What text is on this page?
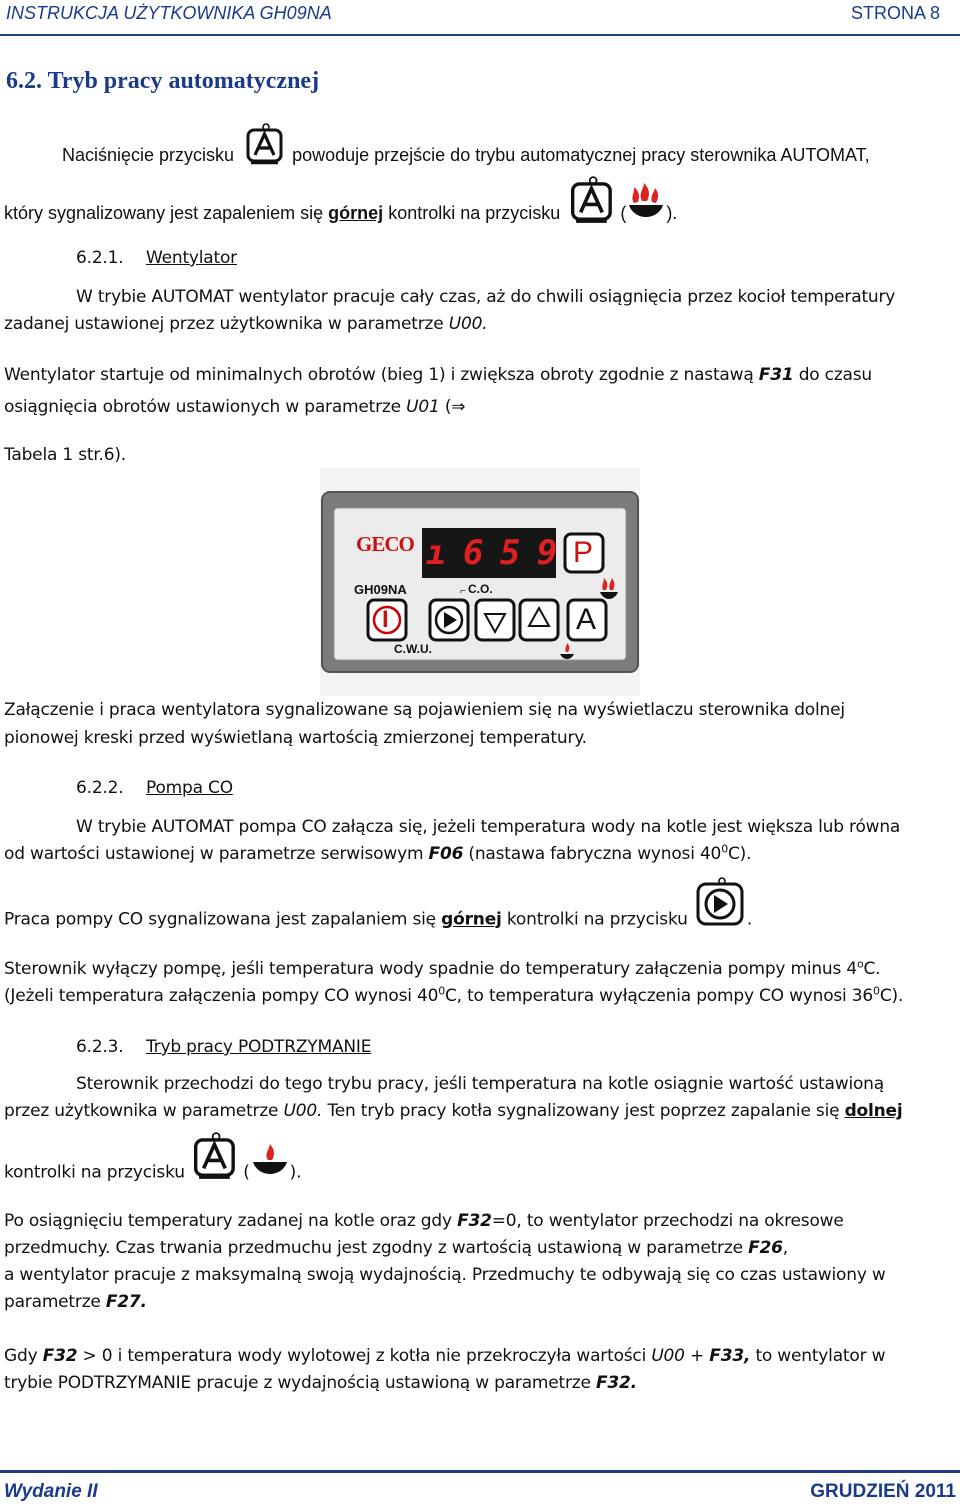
INSTRUKCJA UŻYTKOWNIKA GH09NA	STRONA 8
6.2. Tryb pracy automatycznej
Naciśnięcie przycisku	powoduje przejście do trybu automatycznej pracy sterownika AUTOMAT,
który sygnalizowany jest zapaleniem się górnej kontrolki na przycisku	( ).
6.2.1. Wentylator
W trybie AUTOMAT wentylator pracuje cały czas, aż do chwili osiągnięcia przez kocioł temperatury
zadanej ustawionej przez użytkownika w parametrze U00.
Wentylator startuje od minimalnych obrotów (bieg 1) i zwiększa obroty zgodnie z nastawą F31 do czasu
osiągnięcia obrotów ustawionych w parametrze U01 (⇒
Tabela 1 str.6).
⌐
GECO ı 6 5 9 P
GH09NA	C.O.
I	A
C.W.U.
Załączenie i praca wentylatora sygnalizowane są pojawieniem się na wyświetlaczu sterownika dolnej
pionowej kreski przed wyświetlaną wartością zmierzonej temperatury.
6.2.2. Pompa CO
W trybie AUTOMAT pompa CO załącza się, jeżeli temperatura wody na kotle jest większa lub równa
od wartości ustawionej w parametrze serwisowym F06 (nastawa fabryczna wynosi $40^0C$).
Praca pompy CO sygnalizowana jest zapalaniem się górnej kontrolki na przycisku	.
Sterownik wyłączy pompę, jeśli temperatura wody spadnie do temperatury załączenia pompy minus 4$^o$C.
(Jeżeli temperatura załączenia pompy CO wynosi $40^0C$, to temperatura wyłączenia pompy CO wynosi $36^0C$).
6.2.3. Tryb pracy PODTRZYMANIE
Sterownik przechodzi do tego trybu pracy, jeśli temperatura na kotle osiągnie wartość ustawioną
przez użytkownika w parametrze U00. Ten tryb pracy kotła sygnalizowany jest poprzez zapalanie się dolnej
kontrolki na przycisku	( ).
Po osiągnięciu temperatury zadanej na kotle oraz gdy F32=0, to wentylator przechodzi na okresowe
przedmuchy. Czas trwania przedmuchu jest zgodny z wartością ustawioną w parametrze F26,
a wentylator pracuje z maksymalną swoją wydajnością. Przedmuchy te odbywają się co czas ustawiony w
parametrze F27.
Gdy F32 > 0 i temperatura wody wylotowej z kotła nie przekroczyła wartości U00 + F33, to wentylator w
trybie PODTRZYMANIE pracuje z wydajnością ustawioną w parametrze F32.
Wydanie II	GRUDZIEŃ 2011
